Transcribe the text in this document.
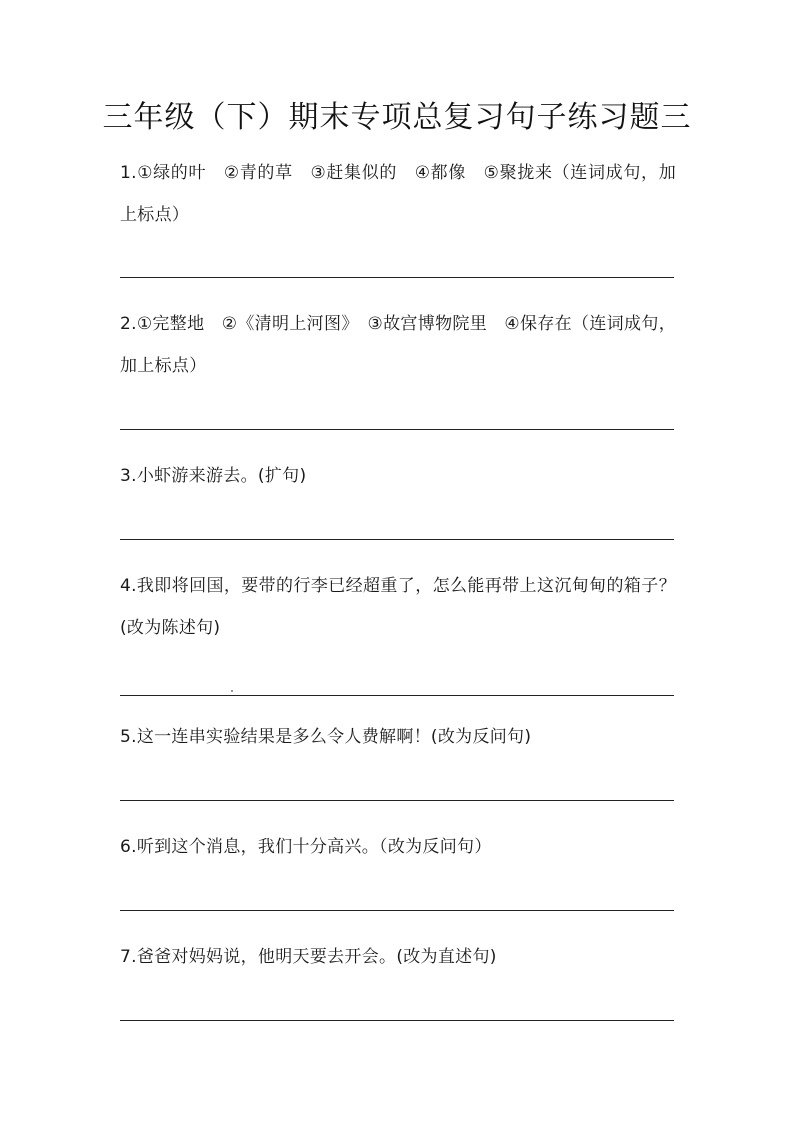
三年级（下）期末专项总复习句子练习题三
1.①绿的叶　②青的草　③赶集似的　④都像　⑤聚拢来（连词成句，加上标点）
2.①完整地　②《清明上河图》　③故宫博物院里　④保存在（连词成句，加上标点）
3.小虾游来游去。(扩句)
4.我即将回国，要带的行李已经超重了，怎么能再带上这沉甸甸的箱子？(改为陈述句)
5.这一连串实验结果是多么令人费解啊！(改为反问句)
6.听到这个消息，我们十分高兴。（改为反问句）
7.爸爸对妈妈说，他明天要去开会。(改为直述句)
